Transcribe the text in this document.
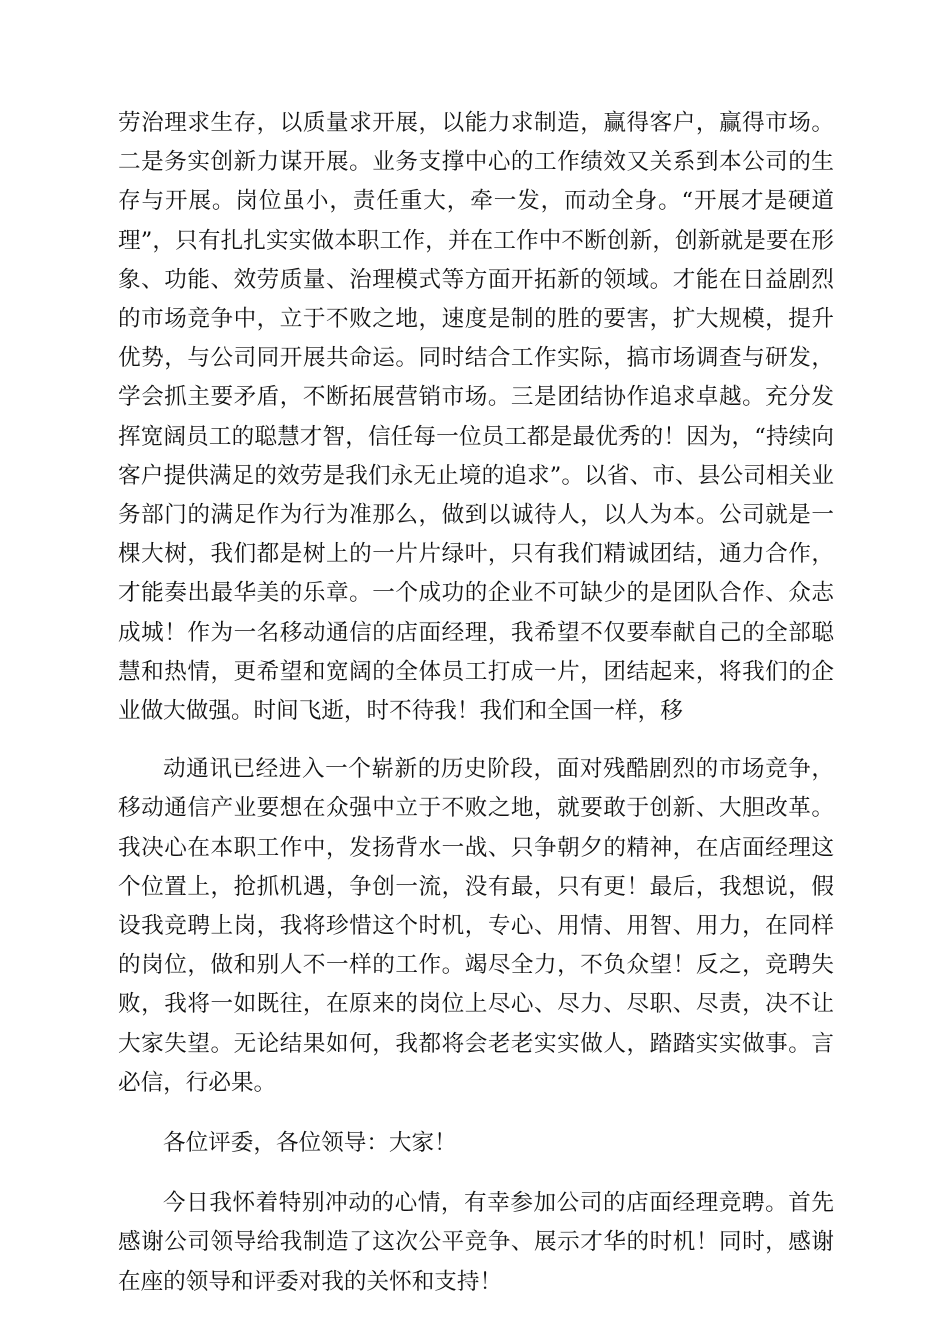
劳治理求生存，以质量求开展，以能力求制造，赢得客户，赢得市场。二是务实创新力谋开展。业务支撑中心的工作绩效又关系到本公司的生存与开展。岗位虽小，责任重大，牵一发，而动全身。“开展才是硬道理”，只有扎扎实实做本职工作，并在工作中不断创新，创新就是要在形象、功能、效劳质量、治理模式等方面开拓新的领域。才能在日益剧烈的市场竞争中，立于不败之地，速度是制的胜的要害，扩大规模，提升优势，与公司同开展共命运。同时结合工作实际，搞市场调查与研发，学会抓主要矛盾，不断拓展营销市场。三是团结协作追求卓越。充分发挥宽阔员工的聪慧才智，信任每一位员工都是最优秀的！因为，“持续向客户提供满足的效劳是我们永无止境的追求”。以省、市、县公司相关业务部门的满足作为行为准那么，做到以诚待人，以人为本。公司就是一棵大树，我们都是树上的一片片绿叶，只有我们精诚团结，通力合作，才能奏出最华美的乐章。一个成功的企业不可缺少的是团队合作、众志成城！作为一名移动通信的店面经理，我希望不仅要奉献自己的全部聪慧和热情，更希望和宽阔的全体员工打成一片，团结起来，将我们的企业做大做强。时间飞逝，时不待我！我们和全国一样，移

动通讯已经进入一个崭新的历史阶段，面对残酷剧烈的市场竞争，移动通信产业要想在众强中立于不败之地，就要敢于创新、大胆改革。我决心在本职工作中，发扬背水一战、只争朝夕的精神，在店面经理这个位置上，抢抓机遇，争创一流，没有最，只有更！最后，我想说，假设我竞聘上岗，我将珍惜这个时机，专心、用情、用智、用力，在同样的岗位，做和别人不一样的工作。竭尽全力，不负众望！反之，竞聘失败，我将一如既往，在原来的岗位上尽心、尽力、尽职、尽责，决不让大家失望。无论结果如何，我都将会老老实实做人，踏踏实实做事。言必信，行必果。

各位评委，各位领导：大家！

今日我怀着特别冲动的心情，有幸参加公司的店面经理竞聘。首先感谢公司领导给我制造了这次公平竞争、展示才华的时机！同时，感谢在座的领导和评委对我的关怀和支持！
